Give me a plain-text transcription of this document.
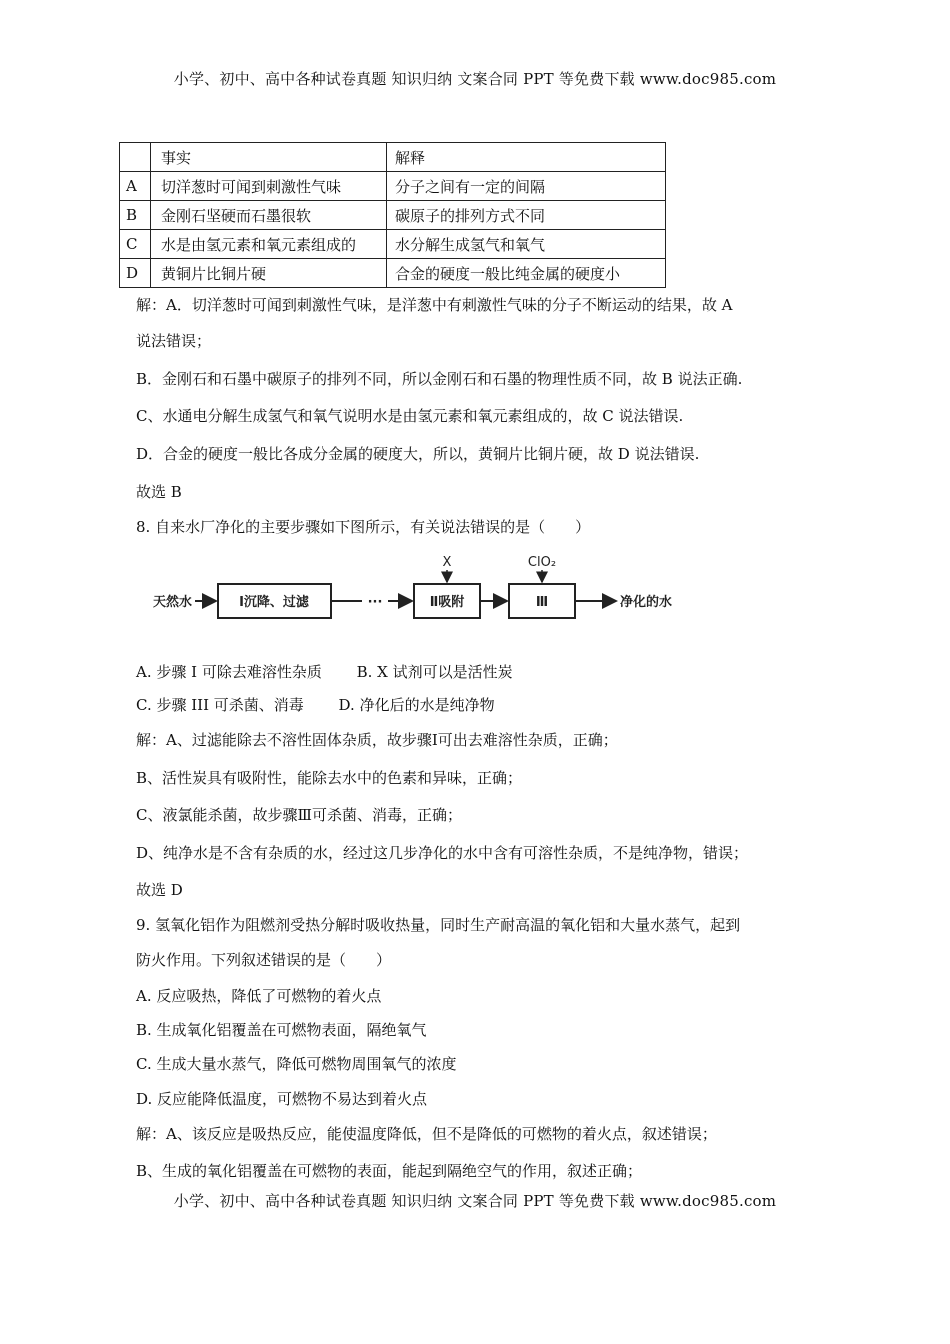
小学、初中、高中各种试卷真题 知识归纳 文案合同 PPT 等免费下载 www.doc985.com
	事实	解释
A	切洋葱时可闻到刺激性气味	分子之间有一定的间隔
B	金刚石坚硬而石墨很软	碳原子的排列方式不同
C	水是由氢元素和氧元素组成的	水分解生成氢气和氧气
D	黄铜片比铜片硬	合金的硬度一般比纯金属的硬度小
解：A．切洋葱时可闻到刺激性气味，是洋葱中有刺激性气味的分子不断运动的结果，故 A
说法错误；
B．金刚石和石墨中碳原子的排列不同，所以金刚石和石墨的物理性质不同，故 B 说法正确.
C、水通电分解生成氢气和氧气说明水是由氢元素和氧元素组成的，故 C 说法错误.
D．合金的硬度一般比各成分金属的硬度大，所以，黄铜片比铜片硬，故 D 说法错误.
故选 B
8. 自来水厂净化的主要步骤如下图所示，有关说法错误的是（　　）
天然水	Ⅰ沉降、过滤	···	Ⅱ吸附
X
Ⅲ
ClO₂
净化的水
A. 步骤 I 可除去难溶性杂质　　 B. X 试剂可以是活性炭
C. 步骤 III 可杀菌、消毒　　 D. 净化后的水是纯净物
解：A、过滤能除去不溶性固体杂质，故步骤Ⅰ可出去难溶性杂质，正确；
B、活性炭具有吸附性，能除去水中的色素和异味，正确；
C、液氯能杀菌，故步骤Ⅲ可杀菌、消毒，正确；
D、纯净水是不含有杂质的水，经过这几步净化的水中含有可溶性杂质，不是纯净物，错误；
故选 D
9. 氢氧化铝作为阻燃剂受热分解时吸收热量，同时生产耐高温的氧化铝和大量水蒸气，起到
防火作用。下列叙述错误的是（　　）
A. 反应吸热，降低了可燃物的着火点
B. 生成氧化铝覆盖在可燃物表面，隔绝氧气
C. 生成大量水蒸气，降低可燃物周围氧气的浓度
D. 反应能降低温度，可燃物不易达到着火点
解：A、该反应是吸热反应，能使温度降低，但不是降低的可燃物的着火点，叙述错误；
B、生成的氧化铝覆盖在可燃物的表面，能起到隔绝空气的作用，叙述正确；
小学、初中、高中各种试卷真题 知识归纳 文案合同 PPT 等免费下载 www.doc985.com
